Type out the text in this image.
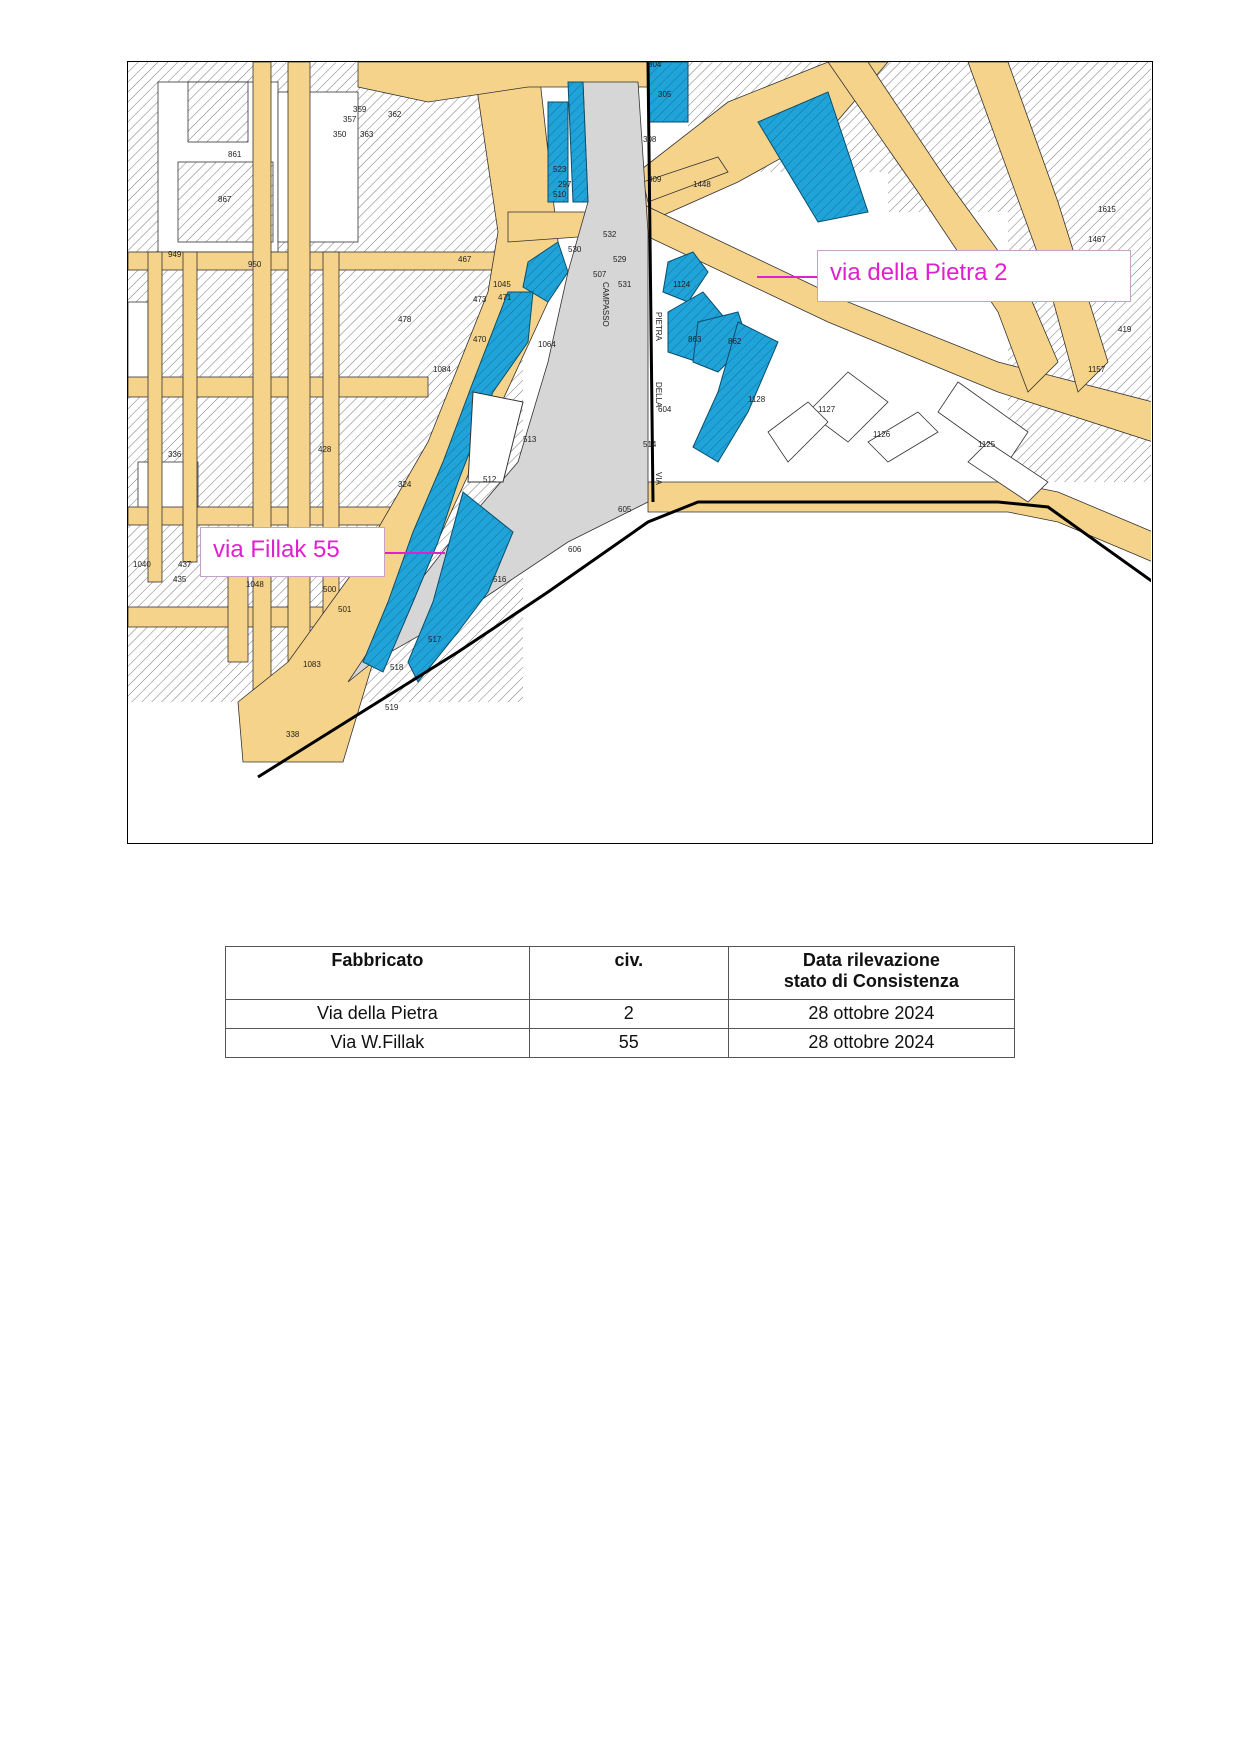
CAMPASSO	PIETRA
DELLA
VIA
532
530
529
531
507
513
512
514
604
605
606
516
517
518
519
1127
1128
1126
1125
862
863
1124
1467
1615
419
1157
1448
949
950
867
861
362
363
357
359
350
297
309
308
305
304
523
510
478
467
473 471
470
428
336
435
437
1040
1048
500
501
1083
338
1045
1064
1084
324
via della Pietra 2
via Fillak 55
Fabbricato	civ.	Data rilevazione
stato di Consistenza

Via della Pietra	2	28 ottobre 2024
Via W.Fillak	55	28 ottobre 2024
